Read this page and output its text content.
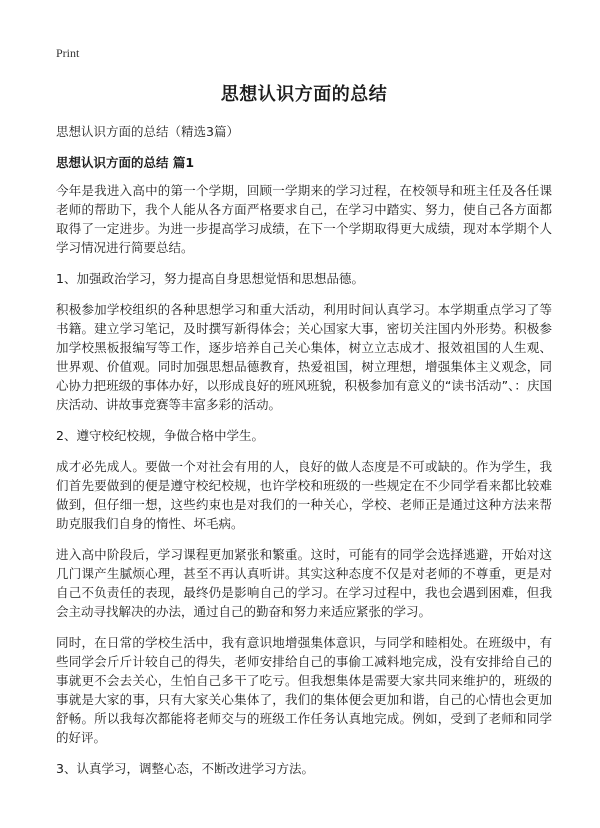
Print
思想认识方面的总结
思想认识方面的总结（精选3篇）
思想认识方面的总结 篇1

今年是我进入高中的第一个学期，回顾一学期来的学习过程，在校领导和班主任及各任课老师的帮助下，我个人能从各方面严格要求自己，在学习中踏实、努力，使自己各方面都取得了一定进步。为进一步提高学习成绩，在下一个学期取得更大成绩，现对本学期个人学习情况进行简要总结。

1、加强政治学习，努力提高自身思想觉悟和思想品德。

积极参加学校组织的各种思想学习和重大活动，利用时间认真学习。本学期重点学习了等书籍。建立学习笔记，及时撰写新得体会；关心国家大事，密切关注国内外形势。积极参加学校黑板报编写等工作，逐步培养自己关心集体，树立立志成才、报效祖国的人生观、世界观、价值观。同时加强思想品德教育，热爱祖国，树立理想，增强集体主义观念，同心协力把班级的事体办好，以形成良好的班风班貌，积极参加有意义的“读书活动”、：庆国庆活动、讲故事竞赛等丰富多彩的活动。

2、遵守校纪校规，争做合格中学生。

成才必先成人。要做一个对社会有用的人，良好的做人态度是不可或缺的。作为学生，我们首先要做到的便是遵守校纪校规，也许学校和班级的一些规定在不少同学看来都比较难做到，但仔细一想，这些约束也是对我们的一种关心，学校、老师正是通过这种方法来帮助克服我们自身的惰性、坏毛病。

进入高中阶段后，学习课程更加紧张和繁重。这时，可能有的同学会选择逃避，开始对这几门课产生腻烦心理，甚至不再认真听讲。其实这种态度不仅是对老师的不尊重，更是对自己不负责任的表现，最终仍是影响自己的学习。在学习过程中，我也会遇到困难，但我会主动寻找解决的办法，通过自己的勤奋和努力来适应紧张的学习。

同时，在日常的学校生活中，我有意识地增强集体意识，与同学和睦相处。在班级中，有些同学会斤斤计较自己的得失，老师安排给自己的事偷工减料地完成，没有安排给自己的事就更不会去关心，生怕自己多干了吃亏。但我想集体是需要大家共同来维护的，班级的事就是大家的事，只有大家关心集体了，我们的集体便会更加和谐，自己的心情也会更加舒畅。所以我每次都能将老师交与的班级工作任务认真地完成。例如，受到了老师和同学的好评。

3、认真学习，调整心态，不断改进学习方法。
